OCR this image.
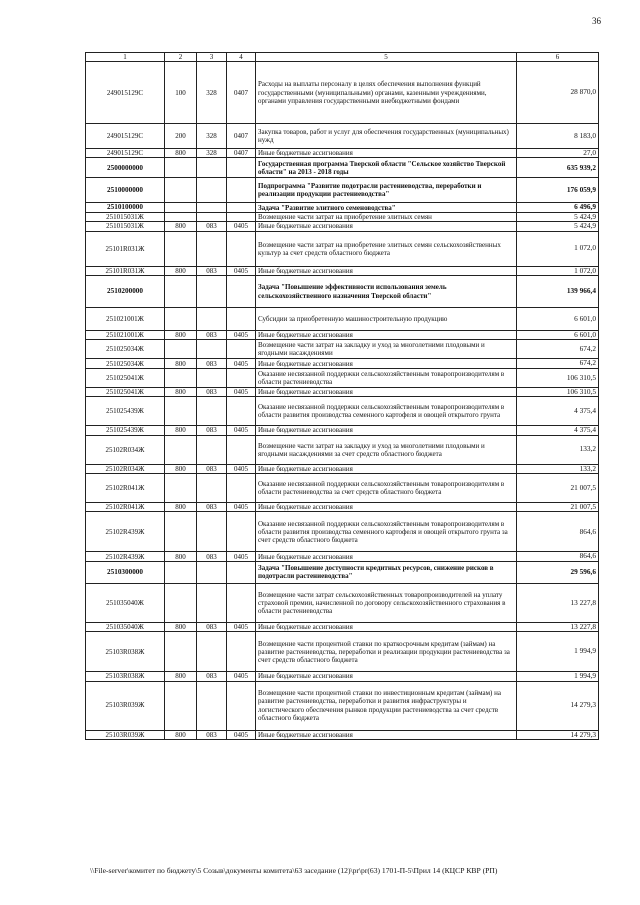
36
1	2	3	4	5	6
249015129С	100	328	0407	Расходы на выплаты персоналу в целях обеспечения выполнения функций государственными (муниципальными) органами, казенными учреждениями, органами управления государственными внебюджетными фондами	28 870,0
249015129С	200	328	0407	Закупка товаров, работ и услуг для обеспечения государственных (муниципальных) нужд	8 183,0
249015129С	800	328	0407	Иные бюджетные ассигнования	27,0
2500000000				Государственная программа Тверской области "Сельское хозяйство Тверской области" на 2013 - 2018 годы	635 939,2
2510000000				Подпрограмма "Развитие подотрасли растениеводства, переработки и реализации продукции растениеводства"	176 059,9
2510100000				Задача "Развитие элитного семеноводства"	6 496,9
251015031Ж				Возмещение части затрат на приобретение элитных семян	5 424,9
251015031Ж	800	083	0405	Иные бюджетные ассигнования	5 424,9
25101R031Ж				Возмещение части затрат на приобретение элитных семян сельскохозяйственных культур за счет средств областного бюджета	1 072,0
25101R031Ж	800	083	0405	Иные бюджетные ассигнования	1 072,0
2510200000				Задача "Повышение эффективности использования земель сельскохозяйственного назначения Тверской области"	139 966,4
251021001Ж				Субсидии за приобретенную машиностроительную продукцию	6 601,0
251021001Ж	800	083	0405	Иные бюджетные ассигнования	6 601,0
251025034Ж				Возмещение части затрат на закладку и уход за многолетними плодовыми и ягодными насаждениями	674,2
251025034Ж	800	083	0405	Иные бюджетные ассигнования	674,2
251025041Ж				Оказание несвязанной поддержки сельскохозяйственным товаропроизводителям в области растениеводства	106 310,5
251025041Ж	800	083	0405	Иные бюджетные ассигнования	106 310,5
251025439Ж				Оказание несвязанной поддержки сельскохозяйственным товаропроизводителям в области развития производства семенного картофеля и овощей открытого грунта	4 375,4
251025439Ж	800	083	0405	Иные бюджетные ассигнования	4 375,4
25102R034Ж				Возмещение части затрат на закладку и уход за многолетними плодовыми и ягодными насаждениями за счет средств областного бюджета	133,2
25102R034Ж	800	083	0405	Иные бюджетные ассигнования	133,2
25102R041Ж				Оказание несвязанной поддержки сельскохозяйственным товаропроизводителям в области растениеводства за счет средств областного бюджета	21 007,5
25102R041Ж	800	083	0405	Иные бюджетные ассигнования	21 007,5
25102R439Ж				Оказание несвязанной поддержки сельскохозяйственным товаропроизводителям в области развития производства семенного картофеля и овощей открытого грунта за счет средств областного бюджета	864,6
25102R439Ж	800	083	0405	Иные бюджетные ассигнования	864,6
2510300000				Задача "Повышение доступности кредитных ресурсов, снижение рисков в подотрасли растениеводства"	29 596,6
251035040Ж				Возмещение части затрат сельскохозяйственных товаропроизводителей на уплату страховой премии, начисленной по договору сельскохозяйственного страхования в области растениеводства	13 227,8
251035040Ж	800	083	0405	Иные бюджетные ассигнования	13 227,8
25103R038Ж				Возмещение части процентной ставки по краткосрочным кредитам (займам) на развитие растениеводства, переработки и реализации продукции растениеводства за счет средств областного бюджета	1 994,9
25103R038Ж	800	083	0405	Иные бюджетные ассигнования	1 994,9
25103R039Ж				Возмещение части процентной ставки по инвестиционным кредитам (займам) на развитие растениеводства, переработки и развития инфраструктуры и логистического обеспечения рынков продукции растениеводства за счет средств областного бюджета	14 279,3
25103R039Ж	800	083	0405	Иные бюджетные ассигнования	14 279,3
\\File-server\комитет по бюджету\5 Созыв\документы комитета\63 заседание (12)\pr\pr(63) 1701-П-5\Прил 14 (КЦСР КВР (РП)
